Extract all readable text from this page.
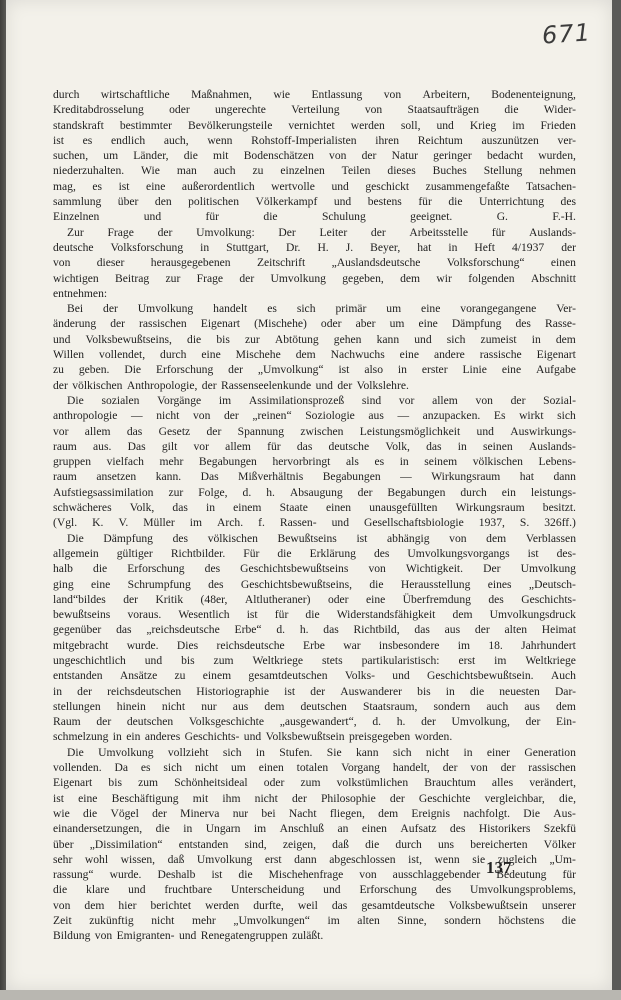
671
durch wirtschaftliche Maßnahmen, wie Entlassung von Arbeitern, Bodenenteignung,
Kreditabdrosselung oder ungerechte Verteilung von Staatsaufträgen die Wider-
standskraft bestimmter Bevölkerungsteile vernichtet werden soll, und Krieg im Frieden
ist es endlich auch, wenn Rohstoff-Imperialisten ihren Reichtum auszunützen ver-
suchen, um Länder, die mit Bodenschätzen von der Natur geringer bedacht wurden,
niederzuhalten. Wie man auch zu einzelnen Teilen dieses Buches Stellung nehmen
mag, es ist eine außerordentlich wertvolle und geschickt zusammengefaßte Tatsachen-
sammlung über den politischen Völkerkampf und bestens für die Unterrichtung des
Einzelnen	und	für	die	Schulung	geeignet.	G.	F.-H.
Zur Frage der Umvolkung: Der Leiter der Arbeitsstelle für Auslands-
deutsche Volksforschung in Stuttgart, Dr. H. J. Beyer, hat in Heft 4/1937 der
von dieser herausgegebenen Zeitschrift „Auslandsdeutsche Volksforschung“ einen
wichtigen Beitrag zur Frage der Umvolkung gegeben, dem wir folgenden Abschnitt
entnehmen:
Bei der Umvolkung handelt es sich primär um eine vorangegangene Ver-
änderung der rassischen Eigenart (Mischehe) oder aber um eine Dämpfung des Rasse-
und Volksbewußtseins, die bis zur Abtötung gehen kann und sich zumeist in dem
Willen vollendet, durch eine Mischehe dem Nachwuchs eine andere rassische Eigenart
zu geben. Die Erforschung der „Umvolkung“ ist also in erster Linie eine Aufgabe
der völkischen Anthropologie, der Rassenseelenkunde und der Volkslehre.
Die sozialen Vorgänge im Assimilationsprozeß sind vor allem von der Sozial-
anthropologie — nicht von der „reinen“ Soziologie aus — anzupacken. Es wirkt sich
vor allem das Gesetz der Spannung zwischen Leistungsmöglichkeit und Auswirkungs-
raum aus. Das gilt vor allem für das deutsche Volk, das in seinen Auslands-
gruppen vielfach mehr Begabungen hervorbringt als es in seinem völkischen Lebens-
raum ansetzen kann. Das Mißverhältnis Begabungen — Wirkungsraum hat dann
Aufstiegsassimilation zur Folge, d. h. Absaugung der Begabungen durch ein leistungs-
schwächeres Volk, das in einem Staate einen unausgefüllten Wirkungsraum besitzt.
(Vgl. K. V. Müller im Arch. f. Rassen- und Gesellschaftsbiologie 1937, S. 326ff.)
Die Dämpfung des völkischen Bewußtseins ist abhängig von dem Verblassen
allgemein gültiger Richtbilder. Für die Erklärung des Umvolkungsvorgangs ist des-
halb die Erforschung des Geschichtsbewußtseins von Wichtigkeit. Der Umvolkung
ging eine Schrumpfung des Geschichtsbewußtseins, die Herausstellung eines „Deutsch-
land“bildes der Kritik (48er, Altlutheraner) oder eine Überfremdung des Geschichts-
bewußtseins voraus. Wesentlich ist für die Widerstandsfähigkeit dem Umvolkungsdruck
gegenüber das „reichsdeutsche Erbe“ d. h. das Richtbild, das aus der alten Heimat
mitgebracht wurde. Dies reichsdeutsche Erbe war insbesondere im 18. Jahrhundert
ungeschichtlich und bis zum Weltkriege stets partikularistisch: erst im Weltkriege
entstanden Ansätze zu einem gesamtdeutschen Volks- und Geschichtsbewußtsein. Auch
in der reichsdeutschen Historiographie ist der Auswanderer bis in die neuesten Dar-
stellungen hinein nicht nur aus dem deutschen Staatsraum, sondern auch aus dem
Raum der deutschen Volksgeschichte „ausgewandert“, d. h. der Umvolkung, der Ein-
schmelzung in ein anderes Geschichts- und Volksbewußtsein preisgegeben worden.
Die Umvolkung vollzieht sich in Stufen. Sie kann sich nicht in einer Generation
vollenden. Da es sich nicht um einen totalen Vorgang handelt, der von der rassischen
Eigenart bis zum Schönheitsideal oder zum volkstümlichen Brauchtum alles verändert,
ist eine Beschäftigung mit ihm nicht der Philosophie der Geschichte vergleichbar, die,
wie die Vögel der Minerva nur bei Nacht fliegen, dem Ereignis nachfolgt. Die Aus-
einandersetzungen, die in Ungarn im Anschluß an einen Aufsatz des Historikers Szekfü
über „Dissimilation“ entstanden sind, zeigen, daß die durch uns bereicherten Völker
sehr wohl wissen, daß Umvolkung erst dann abgeschlossen ist, wenn sie zugleich „Um-
rassung“ wurde. Deshalb ist die Mischehenfrage von ausschlaggebender Bedeutung für
die klare und fruchtbare Unterscheidung und Erforschung des Umvolkungsproblems,
von dem hier berichtet werden durfte, weil das gesamtdeutsche Volksbewußtsein unserer
Zeit zukünftig nicht mehr „Umvolkungen“ im alten Sinne, sondern höchstens die
Bildung von Emigranten- und Renegatengruppen zuläßt.
137
